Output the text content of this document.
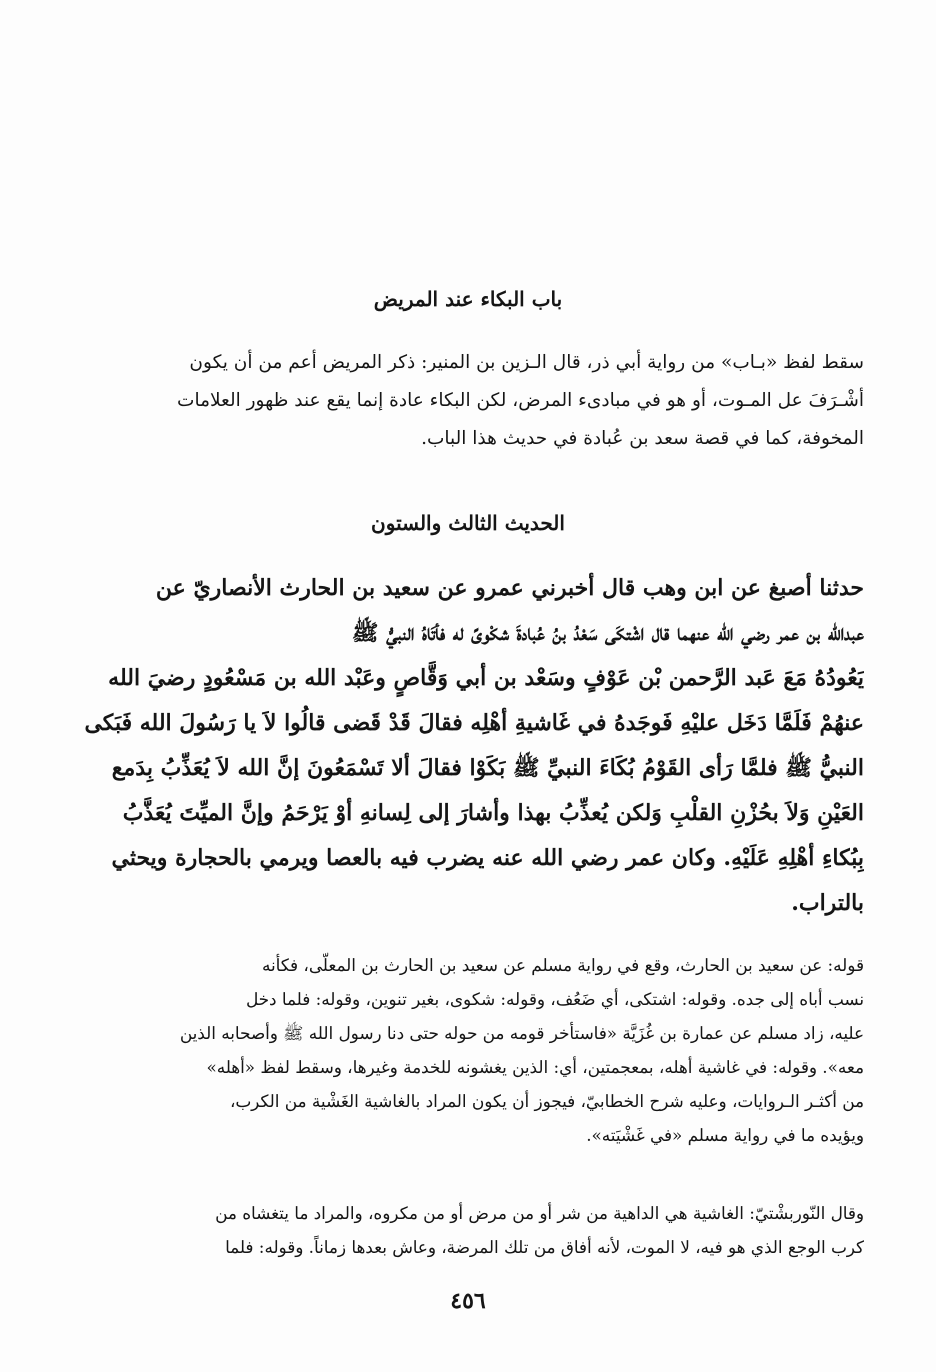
باب البكاء عند المريض
سقط لفظ «بـاب» من رواية أبي ذر، قال الـزين بن المنير: ذكر المريض أعم من أن يكون
أشْـرَفَ عل المـوت، أو هو في مبادىء المرض، لكن البكاء عادة إنما يقع عند ظهور العلامات
المخوفة، كما في قصة سعد بن عُبادة في حديث هذا الباب.
الحديث الثالث والستون
حدثنا أصبغ عن ابن وهب قال أخبرني عمرو عن سعيد بن الحارث الأنصاريّ عن
عبدالله بن عمر رضي الله عنهما قال اشْتكَى سَعْدُ بنُ عُبادةَ شكْوىً له فأتَاهُ النبيُّ ﷺ
يَعُودُهُ مَعَ عَبد الرَّحمن بْن عَوْفٍ وسَعْد بن أبي وَقَّاصٍ وعَبْد الله بن مَسْعُودٍ رضيَ الله
عنهُمْ فَلَمَّا دَخَل عليْهِ فَوجَدهُ في غَاشيةِ أهْلِه فقالَ قَدْ قَضى قالُوا لاَ يا رَسُولَ الله فَبَكى
النبيُّ ﷺ فلمَّا رَأى القَوْمُ بُكَاءَ النبيِّ ﷺ بَكَوْا فقالَ ألا تَسْمَعُونَ إنَّ الله لاَ يُعَذِّبُ بِدَمع
العَيْنِ وَلاَ بحُزْنِ القلْبِ وَلكن يُعذِّبُ بهذا وأشارَ إلى لِسانهِ أوْ يَرْحَمُ وإنَّ الميِّتَ يُعَذَّبُ
بِبُكاءِ أهْلِهِ عَلَيْهِ. وكان عمر رضي الله عنه يضرب فيه بالعصا ويرمي بالحجارة ويحثي
بالتراب.
قوله: عن سعيد بن الحارث، وقع في رواية مسلم عن سعيد بن الحارث بن المعلّى، فكأنه
نسب أباه إلى جده. وقوله: اشتكى، أي ضَعُف، وقوله: شكوى، بغير تنوين، وقوله: فلما دخل
عليه، زاد مسلم عن عمارة بن غُزَيَّة «فاستأخر قومه من حوله حتى دنا رسول الله ﷺ وأصحابه الذين
معه». وقوله: في غاشية أهله، بمعجمتين، أي: الذين يغشونه للخدمة وغيرها، وسقط لفظ «أهله»
من أكثـر الـروايات، وعليه شرح الخطابيّ، فيجوز أن يكون المراد بالغاشية الغَشْية من الكرب،
ويؤيده ما في رواية مسلم «في غَشْيَته».
وقال النّوربشْتيّ: الغاشية هي الداهية من شر أو من مرض أو من مكروه، والمراد ما يتغشاه من
كرب الوجع الذي هو فيه، لا الموت، لأنه أفاق من تلك المرضة، وعاش بعدها زماناً. وقوله: فلما
٤٥٦
